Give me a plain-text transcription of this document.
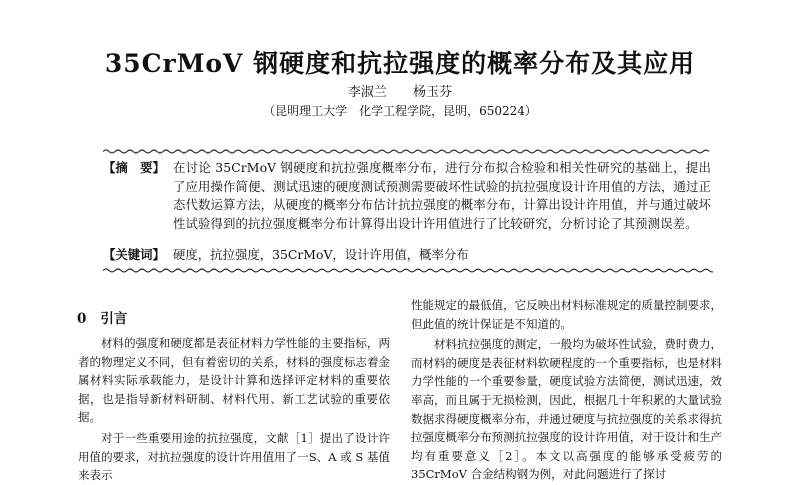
35CrMoV 钢硬度和抗拉强度的概率分布及其应用
李淑兰 杨玉芬
（昆明理工大学　化学工程学院，昆明，650224）
【摘　要】 在讨论 35CrMoV 钢硬度和抗拉强度概率分布，进行分布拟合检验和相关性研究的基础上，提出了应用操作简便、测试迅速的硬度测试预测需要破坏性试验的抗拉强度设计许用值的方法，通过正态代数运算方法，从硬度的概率分布估计抗拉强度的概率分布，计算出设计许用值，并与通过破坏性试验得到的抗拉强度概率分布计算得出设计许用值进行了比较研究，分析讨论了其预测误差。
【关键词】 硬度，抗拉强度，35CrMoV，设计许用值，概率分布
0 引言

材料的强度和硬度都是表征材料力学性能的主要指标，两者的物理定义不同，但有着密切的关系，材料的强度标志着金属材料实际承载能力，是设计计算和选择评定材料的重要依据，也是指导新材料研制、材料代用、新工艺试验的重要依据。

对于一些重要用途的抗拉强度，文献［1］提出了设计许用值的要求，对抗拉强度的设计许用值用了一S、A 或 S 基值来表示

性能规定的最低值，它反映出材料标准规定的质量控制要求，但此值的统计保证是不知道的。

材料抗拉强度的测定，一般均为破坏性试验，费时费力，而材料的硬度是表征材料软硬程度的一个重要指标，也是材料力学性能的一个重要参量，硬度试验方法简便，测试迅速，效率高，而且属于无损检测，因此，根据几十年积累的大量试验数据求得硬度概率分布，并通过硬度与抗拉强度的关系求得抗拉强度概率分布预测抗拉强度的设计许用值，对于设计和生产均有重要意义［2］。本文以高强度的能够承受疲劳的 35CrMoV 合金结构钢为例，对此问题进行了探讨
